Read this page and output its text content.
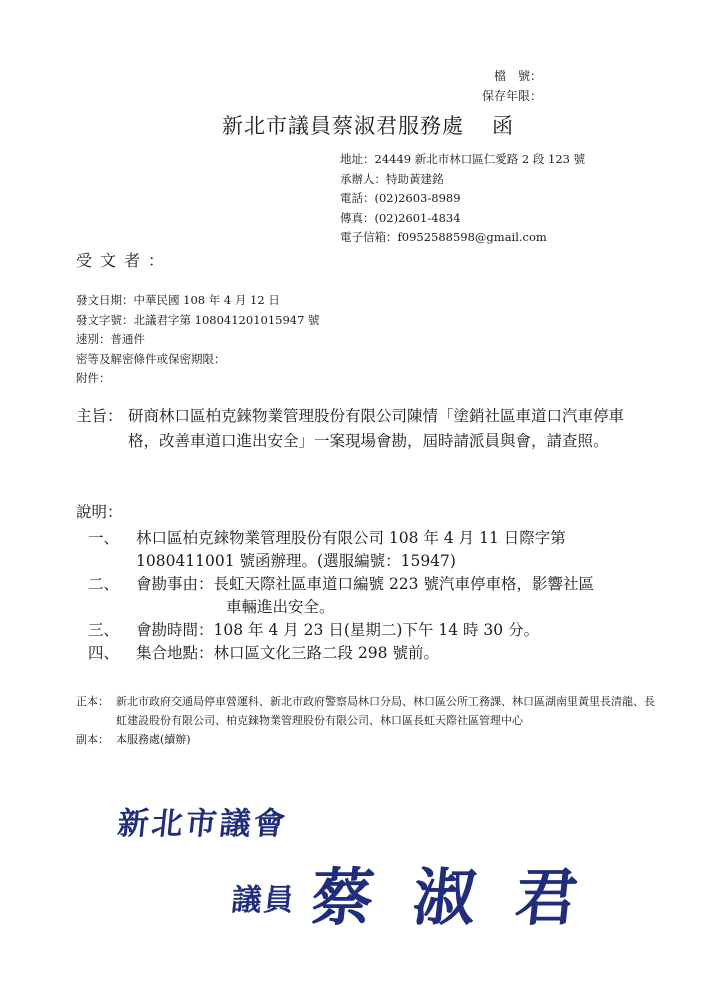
檔　號：
保存年限：
新北市議員蔡淑君服務處 函
地址：24449 新北市林口區仁愛路 2 段 123 號
承辦人：特助黃建銘
電話：(02)2603-8989
傳真：(02)2601-4834
電子信箱：f0952588598@gmail.com
受文者：
發文日期：中華民國 108 年 4 月 12 日
發文字號：北議君字第 108041201015947 號
速別：普通件
密等及解密條件或保密期限：
附件：
主旨： 研商林口區柏克錸物業管理股份有限公司陳情「塗銷社區車道口汽車停車格，改善車道口進出安全」一案現場會勘，屆時請派員與會，請查照。
說明：
一、	林口區柏克錸物業管理股份有限公司 108 年 4 月 11 日際字第1080411001 號函辦理。(選服編號：15947)
二、	會勘事由：長虹天際社區車道口編號 223 號汽車停車格，影響社區
車輛進出安全。
三、	會勘時間：108 年 4 月 23 日(星期二)下午 14 時 30 分。
四、	集合地點：林口區文化三路二段 298 號前。
正本： 新北市政府交通局停車營運科、新北市政府警察局林口分局、林口區公所工務課、林口區湖南里黃里長清龍、長虹建設股份有限公司、柏克錸物業管理股份有限公司、林口區長虹天際社區管理中心
副本： 本服務處(續辦)
新北市議會
議員 蔡淑君
